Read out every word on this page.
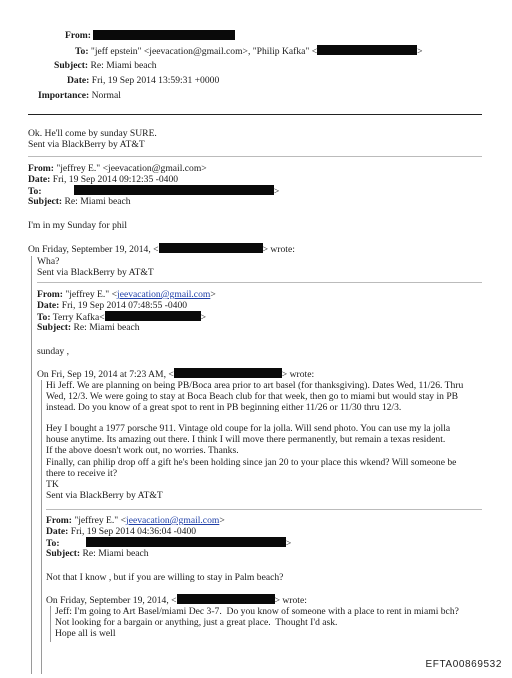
From:
To: "jeff epstein" <jeevacation@gmail.com>, "Philip Kafka" <	>
Subject: Re: Miami beach
Date: Fri, 19 Sep 2014 13:59:31 +0000
Importance: Normal
Ok. He'll come by sunday SURE.
Sent via BlackBerry by AT&T
From: "jeffrey E." <jeevacation@gmail.com>
Date: Fri, 19 Sep 2014 09:12:35 -0400
To:	>
Subject: Re: Miami beach
I'm in my Sunday for phil
On Friday, September 19, 2014, <	> wrote:
Wha?
Sent via BlackBerry by AT&T
From: "jeffrey E." <jeevacation@gmail.com>
Date: Fri, 19 Sep 2014 07:48:55 -0400
To: Terry Kafka<	>
Subject: Re: Miami beach
sunday ,
On Fri, Sep 19, 2014 at 7:23 AM, <	> wrote:
Hi Jeff. We are planning on being PB/Boca area prior to art basel (for thanksgiving). Dates Wed, 11/26. Thru
Wed, 12/3. We were going to stay at Boca Beach club for that week, then go to miami but would stay in PB
instead. Do you know of a great spot to rent in PB beginning either 11/26 or 11/30 thru 12/3.
Hey I bought a 1977 porsche 911. Vintage old coupe for la jolla. Will send photo. You can use my la jolla
house anytime. Its amazing out there. I think I will move there permanently, but remain a texas resident.
If the above doesn't work out, no worries. Thanks.
Finally, can philip drop off a gift he's been holding since jan 20 to your place this wkend? Will someone be
there to receive it?
TK
Sent via BlackBerry by AT&T
From: "jeffrey E." <jeevacation@gmail.com>
Date: Fri, 19 Sep 2014 04:36:04 -0400
To:	>
Subject: Re: Miami beach
Not that I know , but if you are willing to stay in Palm beach?
On Friday, September 19, 2014, <	> wrote:
Jeff: I'm going to Art Basel/miami Dec 3-7.  Do you know of someone with a place to rent in miami bch?
Not looking for a bargain or anything, just a great place.  Thought I'd ask.
Hope all is well
EFTA00869532
